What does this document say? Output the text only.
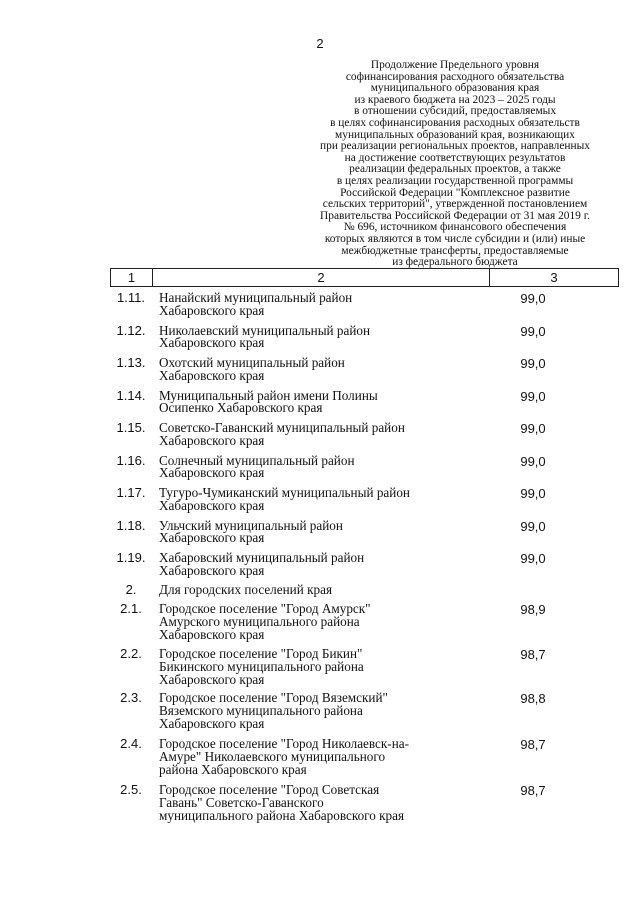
2
Продолжение Предельного уровня
софинансирования расходного обязательства
муниципального образования края
из краевого бюджета на 2023 – 2025 годы
в отношении субсидий, предоставляемых
в целях софинансирования расходных обязательств
муниципальных образований края, возникающих
при реализации региональных проектов, направленных
на достижение соответствующих результатов
реализации федеральных проектов, а также
в целях реализации государственной программы
Российской Федерации "Комплексное развитие
сельских территорий", утвержденной постановлением
Правительства Российской Федерации от 31 мая 2019 г.
№ 696, источником финансового обеспечения
которых являются в том числе субсидии и (или) иные
межбюджетные трансферты, предоставляемые
из федерального бюджета
1	2	3
1.11.	Нанайский муниципальный район
Хабаровского края
99,0
1.12.	Николаевский муниципальный район
Хабаровского края
99,0
1.13.	Охотский муниципальный район
Хабаровского края
99,0
1.14.	Муниципальный район имени Полины
Осипенко Хабаровского края
99,0
1.15.	Советско-Гаванский муниципальный район
Хабаровского края
99,0
1.16.	Солнечный муниципальный район
Хабаровского края
99,0
1.17.	Тугуро-Чумиканский муниципальный район
Хабаровского края
99,0
1.18.	Ульчский муниципальный район
Хабаровского края
99,0
1.19.	Хабаровский муниципальный район
Хабаровского края
99,0
2.	Для городских поселений края
2.1.	Городское поселение "Город Амурск"
Амурского муниципального района
Хабаровского края
98,9
2.2.	Городское поселение "Город Бикин"
Бикинского муниципального района
Хабаровского края
98,7
2.3.	Городское поселение "Город Вяземский"
Вяземского муниципального района
Хабаровского края
98,8
2.4.	Городское поселение "Город Николаевск-на-
Амуре" Николаевского муниципального
района Хабаровского края
98,7
2.5.	Городское поселение "Город Советская
Гавань" Советско-Гаванского
муниципального района Хабаровского края
98,7
